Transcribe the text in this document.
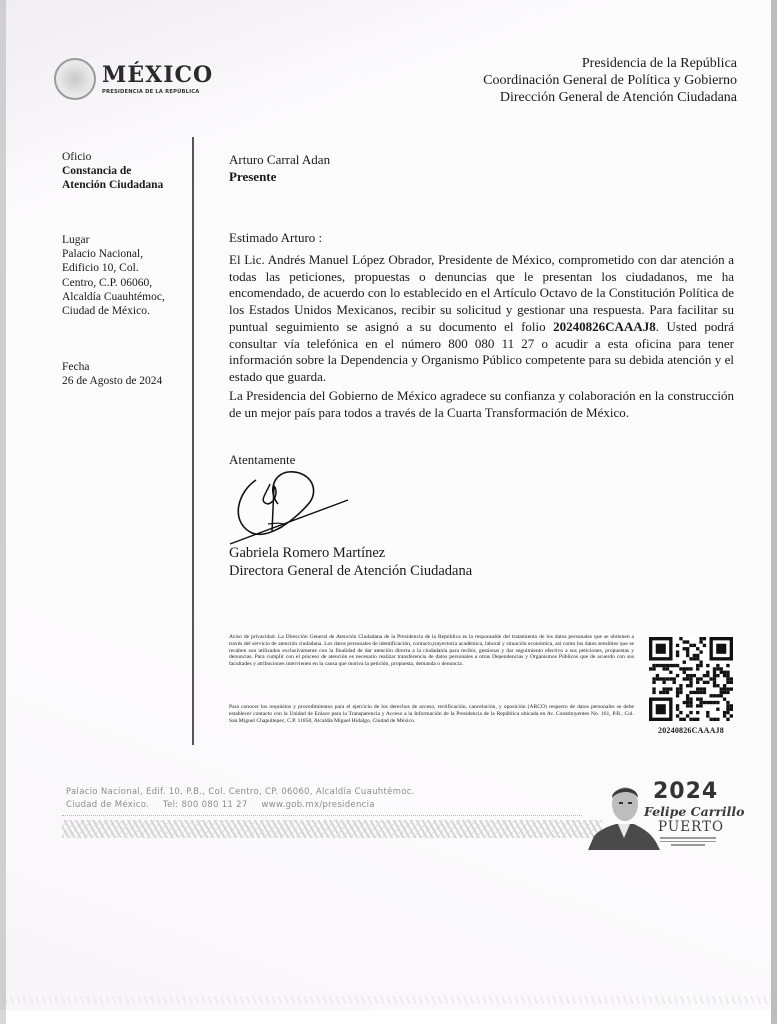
MÉXICO
PRESIDENCIA DE LA REPÚBLICA
Presidencia de la República
Coordinación General de Política y Gobierno
Dirección General de Atención Ciudadana
Oficio
Constancia de
Atención Ciudadana
Lugar
Palacio Nacional,
Edificio 10, Col.
Centro, C.P. 06060,
Alcaldía Cuauhtémoc,
Ciudad de México.
Fecha
26 de Agosto de 2024
Arturo Carral Adan
Presente
Estimado Arturo :
El Lic. Andrés Manuel López Obrador, Presidente de México, comprometido con dar atención a todas las peticiones, propuestas o denuncias que le presentan los ciudadanos, me ha encomendado, de acuerdo con lo establecido en el Artículo Octavo de la Constitución Política de los Estados Unidos Mexicanos, recibir su solicitud y gestionar una respuesta. Para facilitar su puntual seguimiento se asignó a su documento el folio 20240826CAAAJ8. Usted podrá consultar vía telefónica en el número 800 080 11 27 o acudir a esta oficina para tener información sobre la Dependencia y Organismo Público competente para su debida atención y el estado que guarda.
La Presidencia del Gobierno de México agradece su confianza y colaboración en la construcción de un mejor país para todos a través de la Cuarta Transformación de México.
Atentamente
Gabriela Romero Martínez
Directora General de Atención Ciudadana
Aviso de privacidad. La Dirección General de Atención Ciudadana de la Presidencia de la República es la responsable del tratamiento de los datos personales que se obtienen a través del servicio de atención ciudadana. Los datos personales de identificación, contacto,trayectoria académica, laboral y situación económica, así como los datos sensibles que se recaben son utilizados exclusivamente con la finalidad de dar atención directa a la ciudadanía para recibir, gestionar y dar seguimiento efectivo a sus peticiones, propuestas y denuncias. Para cumplir con el proceso de atención es necesario realizar transferencia de datos personales a otras Dependencias y Organismos Públicos que de acuerdo con sus facultades y atribuciones intervienen en la causa que motiva la petición, propuesta, demanda o denuncia.
Para conocer los requisitos y procedimientos para el ejercicio de los derechos de acceso, rectificación, cancelación, y oposición (ARCO) respecto de datos personales se debe establecer contacto con la Unidad de Enlace para la Transparencia y Acceso a la Información de la Presidencia de la República ubicada en Av. Constituyentes No. 161, P.B., Col. San Miguel Chapultepec, C.P. 11850, Alcaldía Miguel Hidalgo, Ciudad de México.
20240826CAAAJ8
Palacio Nacional, Edif. 10, P.B., Col. Centro, CP. 06060, Alcaldía Cuauhtémoc.
Ciudad de México. Tel: 800 080 11 27 www.gob.mx/presidencia
2024
Felipe Carrillo
PUERTO
